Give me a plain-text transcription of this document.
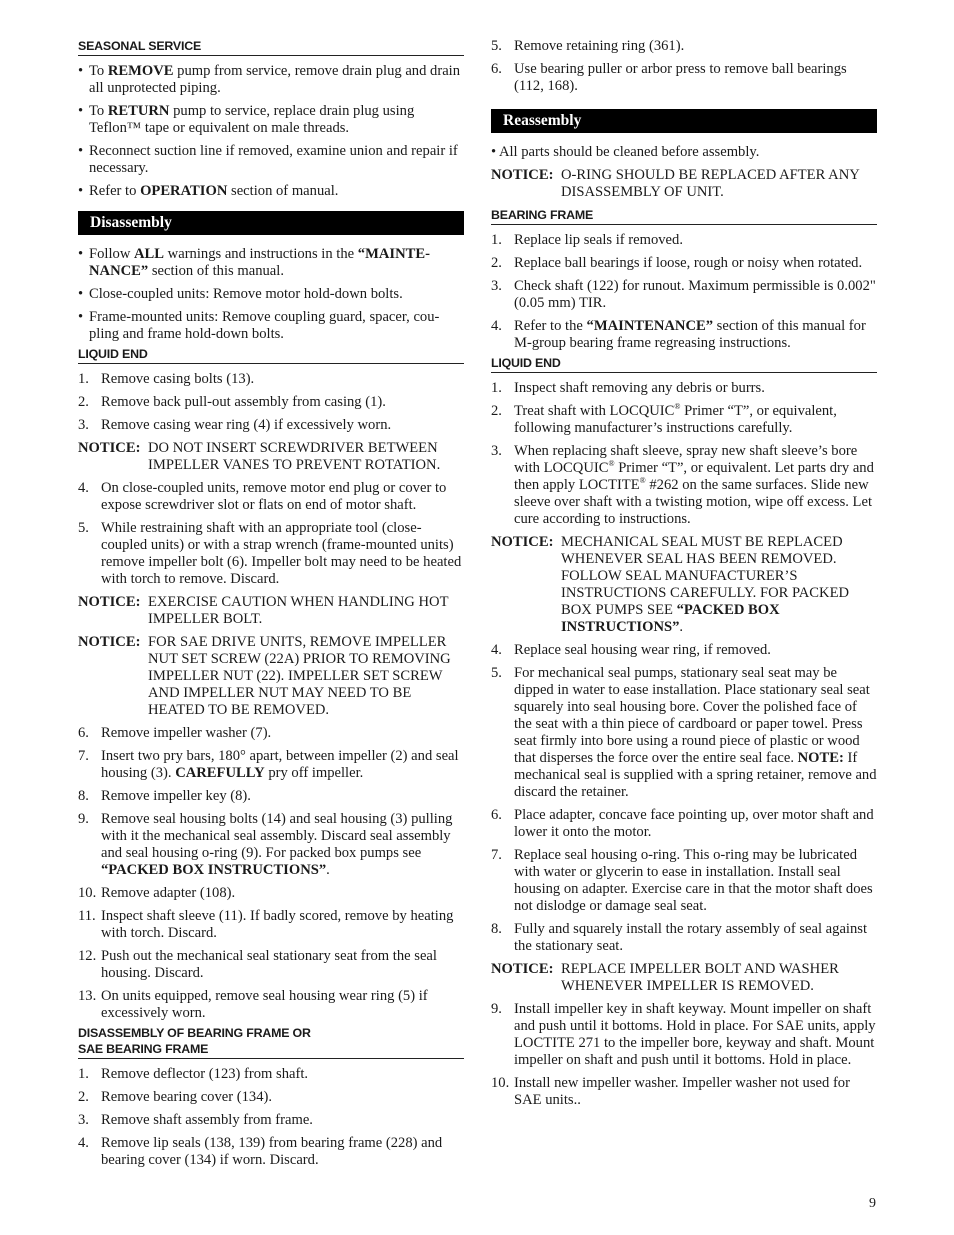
SEASONAL SERVICE
• To REMOVE pump from service, remove drain plug and drain all unprotected piping.
• To RETURN pump to service, replace drain plug using Teflon™ tape or equivalent on male threads.
• Reconnect suction line if removed, examine union and repair if necessary.
• Refer to OPERATION section of manual.
Disassembly
• Follow ALL warnings and instructions in the “MAINTE-NANCE” section of this manual.
• Close-coupled units: Remove motor hold-down bolts.
• Frame-mounted units: Remove coupling guard, spacer, cou-pling and frame hold-down bolts.
LIQUID END
1. Remove casing bolts (13).
2. Remove back pull-out assembly from casing (1).
3. Remove casing wear ring (4) if excessively worn.
NOTICE: DO NOT INSERT SCREWDRIVER BETWEEN IMPELLER VANES TO PREVENT ROTATION.
4. On close-coupled units, remove motor end plug or cover to expose screwdriver slot or flats on end of motor shaft.
5. While restraining shaft with an appropriate tool (close-coupled units) or with a strap wrench (frame-mounted units) remove impeller bolt (6). Impeller bolt may need to be heated with torch to remove. Discard.
NOTICE: EXERCISE CAUTION WHEN HANDLING HOT IMPELLER BOLT.
NOTICE: FOR SAE DRIVE UNITS, REMOVE IMPELLER NUT SET SCREW (22A) PRIOR TO REMOVING IMPELLER NUT (22). IMPELLER SET SCREW AND IMPELLER NUT MAY NEED TO BE HEATED TO BE REMOVED.
6. Remove impeller washer (7).
7. Insert two pry bars, 180° apart, between impeller (2) and seal housing (3). CAREFULLY pry off impeller.
8. Remove impeller key (8).
9. Remove seal housing bolts (14) and seal housing (3) pulling with it the mechanical seal assembly. Discard seal assembly and seal housing o-ring (9). For packed box pumps see “PACKED BOX INSTRUCTIONS”.
10. Remove adapter (108).
11. Inspect shaft sleeve (11). If badly scored, remove by heating with torch. Discard.
12. Push out the mechanical seal stationary seat from the seal housing. Discard.
13. On units equipped, remove seal housing wear ring (5) if excessively worn.
DISASSEMBLY OF BEARING FRAME OR
SAE BEARING FRAME
1. Remove deflector (123) from shaft.
2. Remove bearing cover (134).
3. Remove shaft assembly from frame.
4. Remove lip seals (138, 139) from bearing frame (228) and bearing cover (134) if worn. Discard.
5. Remove retaining ring (361).
6. Use bearing puller or arbor press to remove ball bearings (112, 168).
Reassembly
• All parts should be cleaned before assembly.
NOTICE: O-RING SHOULD BE REPLACED AFTER ANY DISASSEMBLY OF UNIT.
BEARING FRAME
1. Replace lip seals if removed.
2. Replace ball bearings if loose, rough or noisy when rotated.
3. Check shaft (122) for runout. Maximum permissible is 0.002" (0.05 mm) TIR.
4. Refer to the “MAINTENANCE” section of this manual for M-group bearing frame regreasing instructions.
LIQUID END
1. Inspect shaft removing any debris or burrs.
2. Treat shaft with LOCQUIC® Primer “T”, or equivalent, following manufacturer’s instructions carefully.
3. When replacing shaft sleeve, spray new shaft sleeve’s bore with LOCQUIC® Primer “T”, or equivalent. Let parts dry and then apply LOCTITE® #262 on the same surfaces. Slide new sleeve over shaft with a twisting motion, wipe off excess. Let cure according to instructions.
NOTICE: MECHANICAL SEAL MUST BE REPLACED WHENEVER SEAL HAS BEEN REMOVED. FOLLOW SEAL MANUFACTURER’S INSTRUCTIONS CAREFULLY. FOR PACKED BOX PUMPS SEE “PACKED BOX INSTRUCTIONS”.
4. Replace seal housing wear ring, if removed.
5. For mechanical seal pumps, stationary seal seat may be dipped in water to ease installation. Place stationary seal seat squarely into seal housing bore. Cover the polished face of the seat with a thin piece of cardboard or paper towel. Press seat firmly into bore using a round piece of plastic or wood that disperses the force over the entire seal face. NOTE: If mechanical seal is supplied with a spring retainer, remove and discard the retainer.
6. Place adapter, concave face pointing up, over motor shaft and lower it onto the motor.
7. Replace seal housing o-ring. This o-ring may be lubricated with water or glycerin to ease in installation. Install seal housing on adapter. Exercise care in that the motor shaft does not dislodge or damage seal seat.
8. Fully and squarely install the rotary assembly of seal against the stationary seat.
NOTICE: REPLACE IMPELLER BOLT AND WASHER WHENEVER IMPELLER IS REMOVED.
9. Install impeller key in shaft keyway. Mount impeller on shaft and push until it bottoms. Hold in place. For SAE units, apply LOCTITE 271 to the impeller bore, keyway and shaft. Mount impeller on shaft and push until it bottoms. Hold in place.
10. Install new impeller washer. Impeller washer not used for SAE units..
9
